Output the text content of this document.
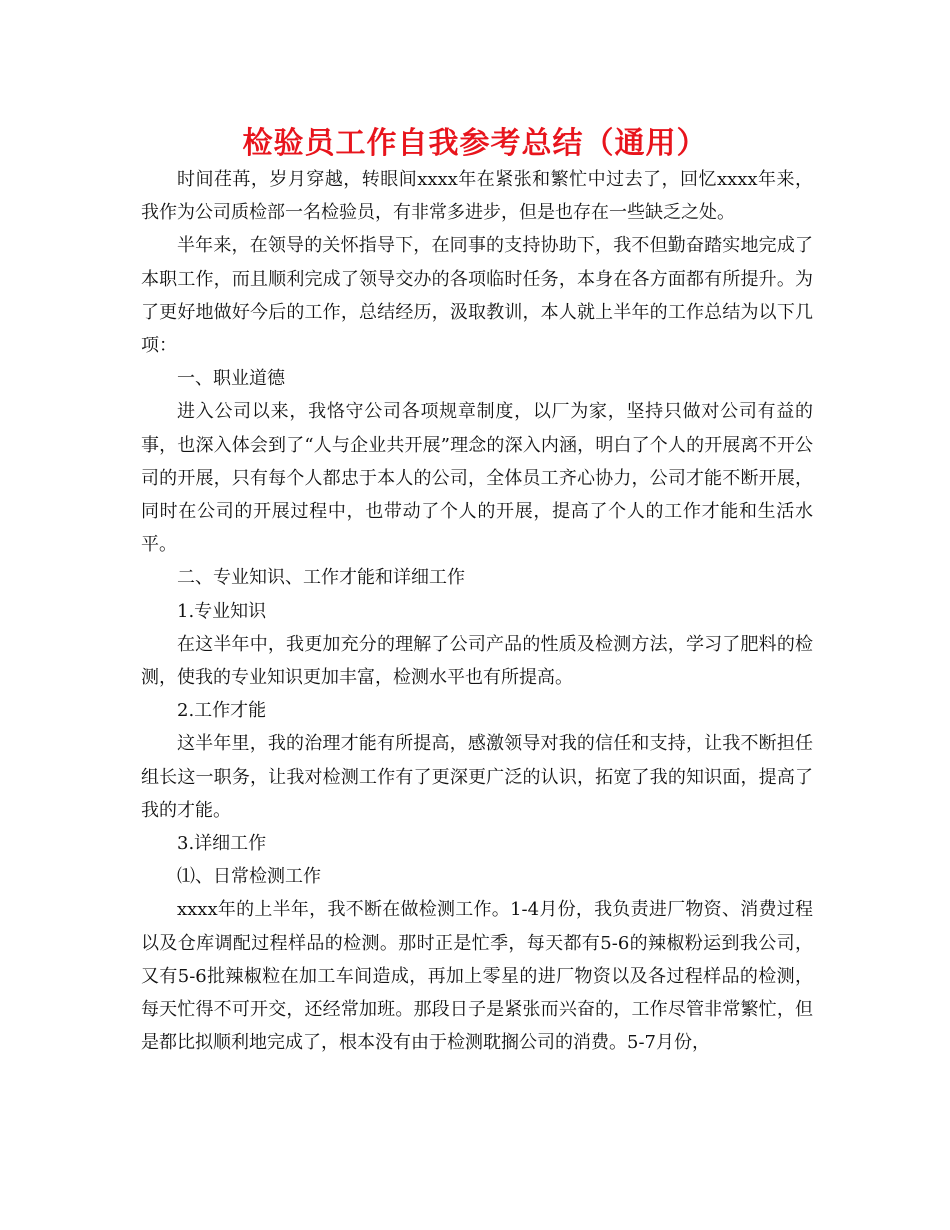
检验员工作自我参考总结（通用）

时间荏苒，岁月穿越，转眼间xxxx年在紧张和繁忙中过去了，回忆xxxx年来，我作为公司质检部一名检验员，有非常多进步，但是也存在一些缺乏之处。

半年来，在领导的关怀指导下，在同事的支持协助下，我不但勤奋踏实地完成了本职工作，而且顺利完成了领导交办的各项临时任务，本身在各方面都有所提升。为了更好地做好今后的工作，总结经历，汲取教训，本人就上半年的工作总结为以下几项：

一、职业道德

进入公司以来，我恪守公司各项规章制度，以厂为家，坚持只做对公司有益的事，也深入体会到了“人与企业共开展”理念的深入内涵，明白了个人的开展离不开公司的开展，只有每个人都忠于本人的公司，全体员工齐心协力，公司才能不断开展，同时在公司的开展过程中，也带动了个人的开展，提高了个人的工作才能和生活水平。

二、专业知识、工作才能和详细工作

1.专业知识

在这半年中，我更加充分的理解了公司产品的性质及检测方法，学习了肥料的检测，使我的专业知识更加丰富，检测水平也有所提高。

2.工作才能

这半年里，我的治理才能有所提高，感激领导对我的信任和支持，让我不断担任组长这一职务，让我对检测工作有了更深更广泛的认识，拓宽了我的知识面，提高了我的才能。

3.详细工作

⑴、日常检测工作

xxxx年的上半年，我不断在做检测工作。1-4月份，我负责进厂物资、消费过程以及仓库调配过程样品的检测。那时正是忙季，每天都有5-6的辣椒粉运到我公司，又有5-6批辣椒粒在加工车间造成，再加上零星的进厂物资以及各过程样品的检测，每天忙得不可开交，还经常加班。那段日子是紧张而兴奋的，工作尽管非常繁忙，但是都比拟顺利地完成了，根本没有由于检测耽搁公司的消费。5-7月份，
